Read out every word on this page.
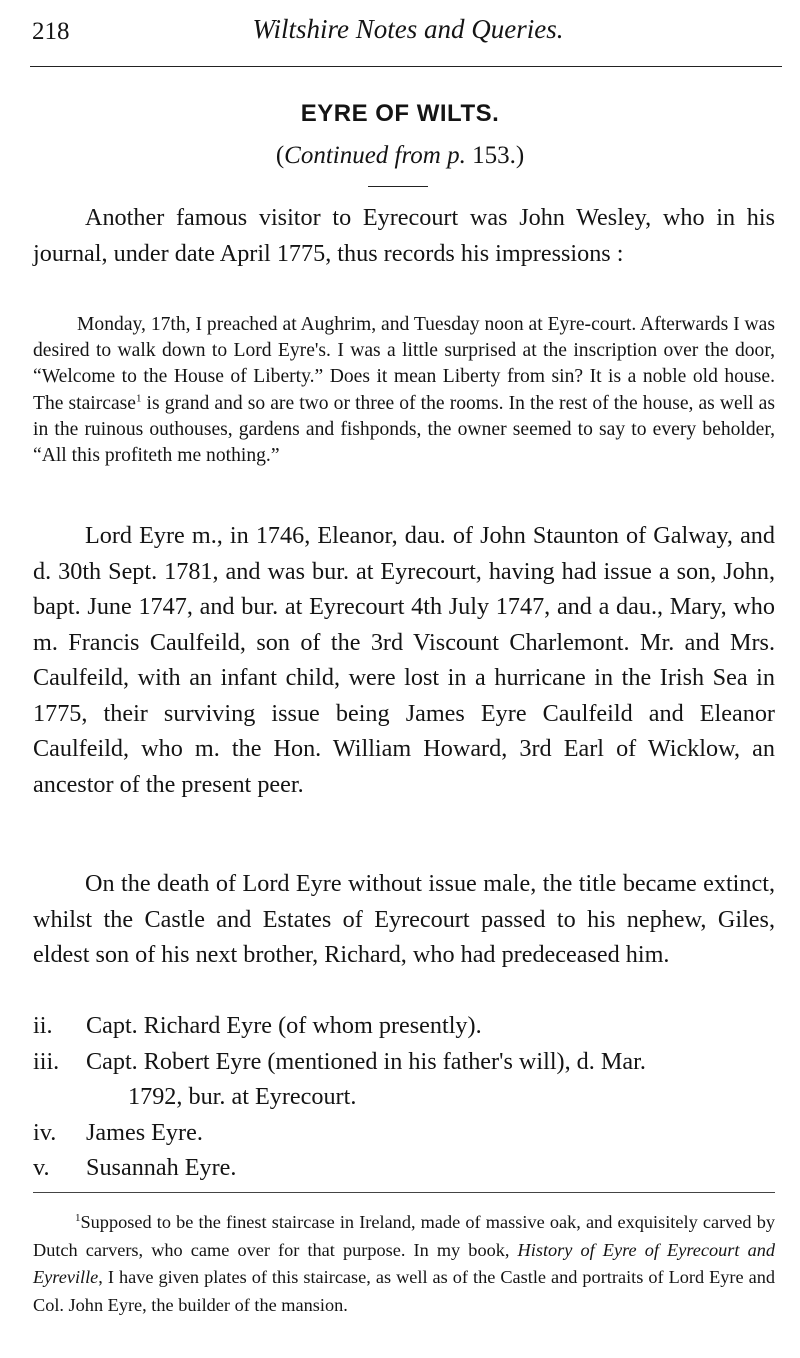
218	Wiltshire Notes and Queries.
EYRE OF WILTS.
(Continued from p. 153.)
Another famous visitor to Eyrecourt was John Wesley, who in his journal, under date April 1775, thus records his impressions :
Monday, 17th, I preached at Aughrim, and Tuesday noon at Eyre-court. Afterwards I was desired to walk down to Lord Eyre's. I was a little surprised at the inscription over the door, “Welcome to the House of Liberty.” Does it mean Liberty from sin? It is a noble old house. The staircase$^1$ is grand and so are two or three of the rooms. In the rest of the house, as well as in the ruinous outhouses, gardens and fishponds, the owner seemed to say to every beholder, “All this profiteth me nothing.”
Lord Eyre m., in 1746, Eleanor, dau. of John Staunton of Galway, and d. 30th Sept. 1781, and was bur. at Eyrecourt, having had issue a son, John, bapt. June 1747, and bur. at Eyrecourt 4th July 1747, and a dau., Mary, who m. Francis Caulfeild, son of the 3rd Viscount Charlemont. Mr. and Mrs. Caulfeild, with an infant child, were lost in a hurricane in the Irish Sea in 1775, their surviving issue being James Eyre Caulfeild and Eleanor Caulfeild, who m. the Hon. William Howard, 3rd Earl of Wicklow, an ancestor of the present peer.
On the death of Lord Eyre without issue male, the title became extinct, whilst the Castle and Estates of Eyrecourt passed to his nephew, Giles, eldest son of his next brother, Richard, who had predeceased him.
ii. Capt. Richard Eyre (of whom presently).
iii. Capt. Robert Eyre (mentioned in his father's will), d. Mar.
1792, bur. at Eyrecourt.
iv. James Eyre.
v. Susannah Eyre.
$^1$Supposed to be the finest staircase in Ireland, made of massive oak, and exquisitely carved by Dutch carvers, who came over for that purpose. In my book, History of Eyre of Eyrecourt and Eyreville, I have given plates of this staircase, as well as of the Castle and portraits of Lord Eyre and Col. John Eyre, the builder of the mansion.
